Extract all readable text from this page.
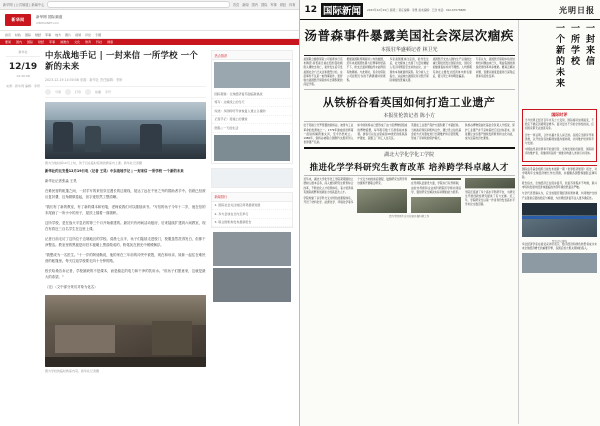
新华网 | 公共频道 | 新闻中心	首页 新闻 国内 国际 军事 财经 体育
新华网	新华网 国际频道
XINHUANET.com
首页 时政 国际 财经 军事 地方 图片 视频 评论 专题
要闻 国内 国际 财经 军事 港澳台 文化 教育 科技 健康
新华社
12/19
14:30:08
来源：新华网 编辑：李妍
中东战地手记 | 一封来信 一所学校 一个新的未来
2023-12-19 14:30:08 来源：新华社 责任编辑：李妍
分享	打印	收藏 字号
图为当地时间12月上旬，孩子们在临时搭建的教室内上课。新华社记者摄
新华社约旦安曼12月19日电（记者 王昊）中东战地手记 | 一封来信 一所学校 一个新的未来
新华社记者张淼 王昊
在难民营的帐篷之间，一封手写的来信穿过漫长的边境线，抵达了远在千里之外的捐助者手中。信纸已经被反复折叠，边角微微卷起，但字迹依然工整清晰。
"我们有了新的教室，有了新的课本和铅笔，老师说我们可以继续读书。"写信的孩子今年十二岁，他在信的末尾画了一所小小的房子，屋顶上插着一面旗帜。
这所学校，是在战火平息后的第三个月开始重建的。最初只有两间活动板房，后来陆续扩建到六间教室，现在有将近三百名学生在这里上课。
记者日前走访了这所位于边境地区的学校。清晨七点半，孩子们陆续走进校门，校服虽然洗得发白，但都干净整洁。教室里的黑板是用旧木板刷上黑漆做成的，粉笔灰在晨光中缓缓飘浮。
"我想成为一名医生。"十一岁的阿迪勒说，他的家在三年前的冲突中被毁，现在和母亲、妹妹一起住在难民营的帐篷里。每天往返学校要走四十分钟的路。
校长哈桑告诉记者，学校最缺的不是课本，而是稳定的电力和干净的饮用水。"但孩子们愿意来，这就是最大的希望。"
（完）（文中部分采访对象为化名）
图为学校的临时教室内景。新华社记者摄
热点推荐
国际观察：全球经济复苏面临新挑战
特写：边境线上的冬天
综述：多国呼吁尽快恢复人道主义援助
记者手记：废墟上的课堂
图集 | 一天的生活
新闻排行
1. 国际社会关注地区局势最新进展
2. 多方会谈在日内瓦举行
3. 联合国机构发布最新报告
12 国际新闻	2023年12月19日 星期二 责任编辑：李想 美术编辑：王浩 电话：010-67078888	光明日报
汤普森事件暴露美国社会深层次痼疾
本报驻华盛顿记者 林卫光

美国联合健康保险公司首席执行官布赖恩·汤普森日前在纽约曼哈顿街头遭枪击身亡，案件发生后引发美国社会广泛关注和激烈讨论。这起事件不仅是一桩刑事案件，更折射出美国医疗保险体系长期积累的深层矛盾。

根据美国联邦调查局公布的数据，近年来美国恶性暴力犯罪事件居高不下，枪支泛滥问题始终未能得到有效遏制。与此同时，民众对保险公司拒赔行为的不满情绪持续累积。

多家美国媒体注意到，案件发生后，社交媒体上出现了大量对嫌疑人表示同情甚至支持的言论，这一现象本身就值得深思。有分析人士指出，这反映出美国民众对医疗保险制度的普遍失望。

美国医疗支出占国内生产总值的比重长期位居发达国家首位，但民众的健康指标却并不理想。人均预期寿命在主要发达经济体中排名靠后，婴儿死亡率却明显偏高。

专家认为，美国医疗保险体系的结构性问题由来已久，利益集团的游说使得改革举步维艰。要真正解决问题，需要从制度层面进行深刻反思和系统性变革。

从铁桥谷看英国如何打造工业遗产
本报驻伦敦记者 陈小方

位于英格兰什罗普郡的铁桥谷，被誉为工业革命的发源地之一。1779年建成的世界第一座铁桥横跨塞文河，至今仍然屹立。1986年，铁桥谷被联合国教科文组织列入世界遗产名录。

如今的铁桥谷已经形成了由十座博物馆组成的博物馆群，每年吸引数十万游客前来参观。游客可以在这里看到18世纪的炼铁高炉遗址、瓷器工厂和工人住宅区。

英国在工业遗产保护方面积累了丰富经验。当地政府和民间机构合作，通过设立信托基金的方式对遗址进行长期维护和运营管理，形成了可持续的保护模式。

铁桥谷博物馆信托基金会负责人介绍说，保护工业遗产并不意味着把它们封存起来，而是要让这些遗产继续发挥教育和文化功能，成为活着的历史课堂。

湖北大学化学化工学院
推进化学学科研究生教育改革 培养跨学科卓越人才

近年来，湖北大学化学化工学院紧紧围绕立德树人根本任务，深入推进研究生教育综合改革，不断优化人才培养体系，着力培养具有国际视野和创新能力的高层次人才。

学院构建了以学科交叉为特色的课程体系，开设了材料化学、能源化学、环境化学等多个交叉方向的前沿课程，鼓励研究生跨学科选课和开展联合研究。	在导师队伍建设方面，学院实行双导师制，由校内导师和企业或科研院所导师共同指导，强化研究生解决实际问题的能力培养。 学院还搭建了多个高水平科研平台，为研究生开展创新性研究提供了有力支撑。近三年，学院研究生以第一作者身份发表高水平学术论文数百篇。

图为学院师生在实验室开展科研工作
一个新的未来 一所学校 一封来信
国际时评

当今世界正经历百年未有之大变局，国际格局加速演变，不稳定不确定因素明显增多。面对层出不穷的全球性挑战，任何国家都无法独善其身。

历史一再证明，合作共赢才是人间正道。各国应当摒弃零和思维，以开放包容的胸襟加强沟通协调，共同维护世界和平与发展。

中国始终是世界和平的建设者、全球发展的贡献者、国际秩序的维护者，将继续同各国一道推动构建人类命运共同体。

国际货币基金组织日前发布最新一期《世界经济展望》报告，对今明两年全球经济增长作出预测，并提醒各国警惕通胀反弹风险。

报告指出，全球经济正在逐步复苏，但复苏进程并不均衡，新兴市场和发展中经济体面临的外部环境依然复杂严峻。

与会代表普遍认为，应当加强宏观经济政策协调，共同维护全球产业链供应链的稳定与畅通，为世界经济复苏注入更多确定性。

图为会议现场

多位经济学家在接受采访时表示，数字经济和绿色转型将成为未来全球经济增长的重要引擎，各国应加大相关领域的投入。
